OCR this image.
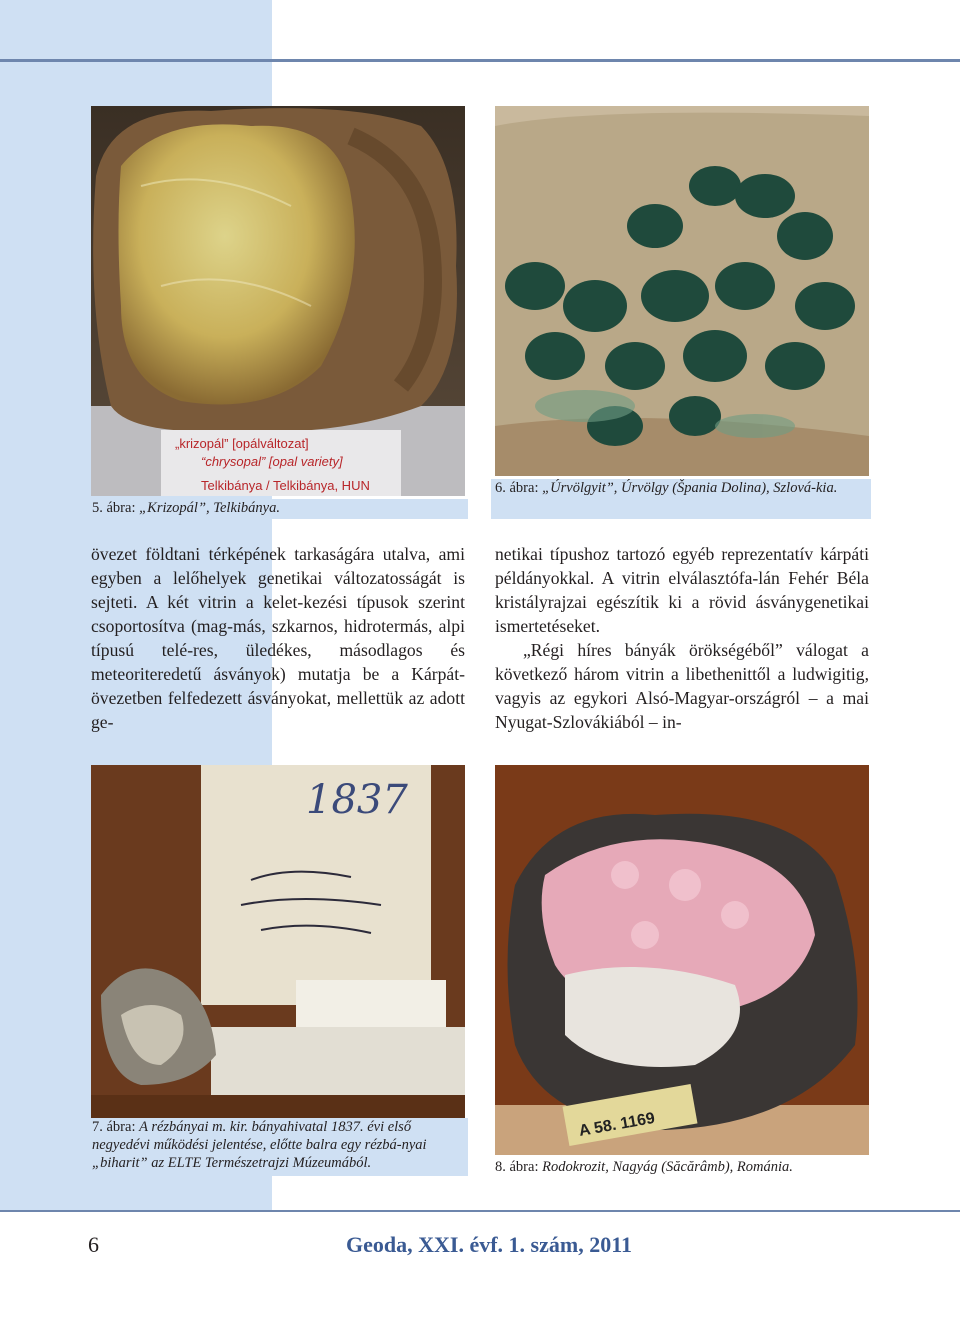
„krizopál” [opálváltozat]
“chrysopal” [opal variety]
Telkibánya / Telkibánya, HUN
5. ábra: „Krizopál”, Telkibánya.
6. ábra: „Úrvölgyit”, Úrvölgy (Špania Dolina), Szlová-kia.

övezet földtani térképének tarkaságára utalva, ami egyben a lelőhelyek genetikai változatosságát is sejteti. A két vitrin a kelet-kezési típusok szerint csoportosítva (mag-más, szkarnos, hidrotermás, alpi típusú telé-res, üledékes, másodlagos és meteoriteredetű ásványok) mutatja be a Kárpát-övezetben felfedezett ásványokat, mellettük az adott ge-

netikai típushoz tartozó egyéb reprezentatív kárpáti példányokkal. A vitrin elválasztófa-lán Fehér Béla kristályrajzai egészítik ki a rövid ásványgenetikai ismertetéseket.

„Régi híres bányák örökségéből” válogat a következő három vitrin a libethenittől a ludwigitig, vagyis az egykori Alsó-Magyar-országról – a mai Nyugat-Szlovákiából – in-

1837
7. ábra: A rézbányai m. kir. bányahivatal 1837. évi első negyedévi működési jelentése, előtte balra egy rézbá-nyai „biharit” az ELTE Természetrajzi Múzeumából.
A 58. 1169
8. ábra: Rodokrozit, Nagyág (Săcărâmb), Románia.
6	Geoda, XXI. évf. 1. szám, 2011
